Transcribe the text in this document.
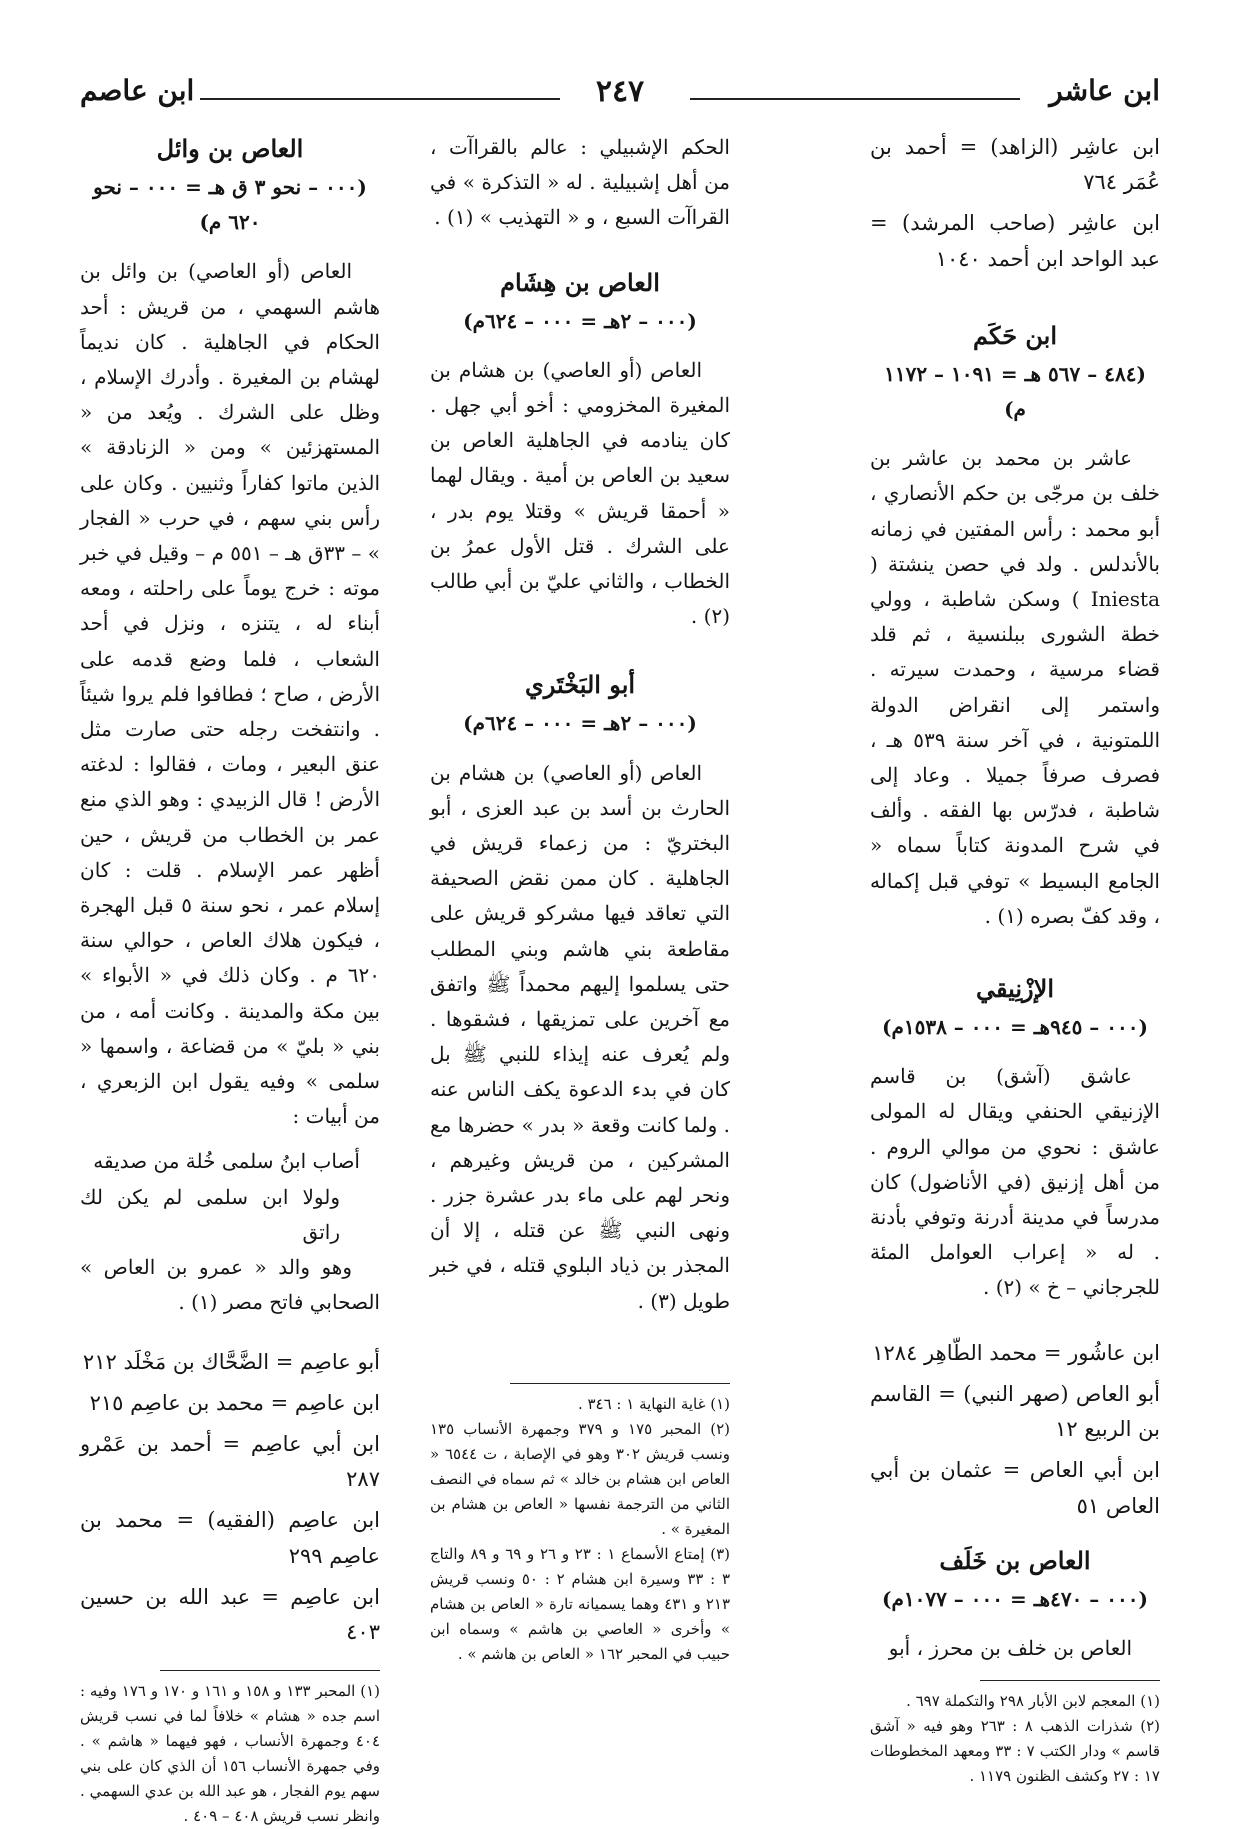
ابن عاشر
٢٤٧
ابن عاصم

ابن عاشِر (الزاهد) = أحمد بن عُمَر ٧٦٤

ابن عاشِر (صاحب المرشد) = عبد الواحد ابن أحمد ١٠٤٠

ابن حَكَم
(٤٨٤ – ٥٦٧ هـ = ١٠٩١ – ١١٧٢ م)

عاشر بن محمد بن عاشر بن خلف بن مرجّى بن حكم الأنصاري ، أبو محمد : رأس المفتين في زمانه بالأندلس . ولد في حصن ينشتة ( Iniesta ) وسكن شاطبة ، وولي خطة الشورى ببلنسية ، ثم قلد قضاء مرسية ، وحمدت سيرته . واستمر إلى انقراض الدولة اللمتونية ، في آخر سنة ٥٣٩ هـ ، فصرف صرفاً جميلا . وعاد إلى شاطبة ، فدرّس بها الفقه . وألف في شرح المدونة كتاباً سماه « الجامع البسيط » توفي قبل إكماله ، وقد كفّ بصره (١) .

الإزْنِيقي
(٠٠٠ – ٩٤٥هـ = ٠٠٠ – ١٥٣٨م)

عاشق (آشق) بن قاسم الإزنيقي الحنفي ويقال له المولى عاشق : نحوي من موالي الروم . من أهل إزنيق (في الأناضول) كان مدرساً في مدينة أدرنة وتوفي بأدنة . له « إعراب العوامل المئة للجرجاني – خ » (٢) .

ابن عاشُور = محمد الطّاهِر ١٢٨٤

أبو العاص (صهر النبي) = القاسم بن الربيع ١٢

ابن أبي العاص = عثمان بن أبي العاص ٥١

العاص بن خَلَف
(٠٠٠ – ٤٧٠هـ = ٠٠٠ – ١٠٧٧م)

العاص بن خلف بن محرز ، أبو

(١) المعجم لابن الأبار ٢٩٨ والتكملة ٦٩٧ .

(٢) شذرات الذهب ٨ : ٢٦٣ وهو فيه « آشق قاسم » ودار الكتب ٧ : ٣٣ ومعهد المخطوطات ١٧ : ٢٧ وكشف الظنون ١١٧٩ .

الحكم الإشبيلي : عالم بالقراآت ، من أهل إشبيلية . له « التذكرة » في القراآت السبع ، و « التهذيب » (١) .

العاص بن هِشَام
(٠٠٠ – ٢هـ = ٠٠٠ – ٦٢٤م)

العاص (أو العاصي) بن هشام بن المغيرة المخزومي : أخو أبي جهل . كان ينادمه في الجاهلية العاص بن سعيد بن العاص بن أمية . ويقال لهما « أحمقا قريش » وقتلا يوم بدر ، على الشرك . قتل الأول عمرُ بن الخطاب ، والثاني عليّ بن أبي طالب (٢) .

أبو البَخْتَري
(٠٠٠ – ٢هـ = ٠٠٠ – ٦٢٤م)

العاص (أو العاصي) بن هشام بن الحارث بن أسد بن عبد العزى ، أبو البختريّ : من زعماء قريش في الجاهلية . كان ممن نقض الصحيفة التي تعاقد فيها مشركو قريش على مقاطعة بني هاشم وبني المطلب حتى يسلموا إليهم محمداً ﷺ واتفق مع آخرين على تمزيقها ، فشقوها . ولم يُعرف عنه إيذاء للنبي ﷺ بل كان في بدء الدعوة يكف الناس عنه . ولما كانت وقعة « بدر » حضرها مع المشركين ، من قريش وغيرهم ، ونحر لهم على ماء بدر عشرة جزر . ونهى النبي ﷺ عن قتله ، إلا أن المجذر بن ذياد البلوي قتله ، في خبر طويل (٣) .

(١) غاية النهاية ١ : ٣٤٦ .

(٢) المحبر ١٧٥ و ٣٧٩ وجمهرة الأنساب ١٣٥ ونسب قريش ٣٠٢ وهو في الإصابة ، ت ٦٥٤٤ « العاص ابن هشام بن خالد » ثم سماه في النصف الثاني من الترجمة نفسها « العاص بن هشام بن المغيرة » .

(٣) إمتاع الأسماع ١ : ٢٣ و ٢٦ و ٦٩ و ٨٩ والتاج ٣ : ٣٣ وسيرة ابن هشام ٢ : ٥٠ ونسب قريش ٢١٣ و ٤٣١ وهما يسميانه تارة « العاص بن هشام » وأخرى « العاصي بن هاشم » وسماه ابن حبيب في المحبر ١٦٢ « العاص بن هاشم » .

العاص بن وائل
(٠٠٠ – نحو ٣ ق هـ = ٠٠٠ – نحو ٦٢٠ م)

العاص (أو العاصي) بن وائل بن هاشم السهمي ، من قريش : أحد الحكام في الجاهلية . كان نديماً لهشام بن المغيرة . وأدرك الإسلام ، وظل على الشرك . ويُعد من « المستهزئين » ومن « الزنادقة » الذين ماتوا كفاراً وثنيين . وكان على رأس بني سهم ، في حرب « الفجار » – ٣٣ق هـ – ٥٥١ م – وقيل في خبر موته : خرج يوماً على راحلته ، ومعه أبناء له ، يتنزه ، ونزل في أحد الشعاب ، فلما وضع قدمه على الأرض ، صاح ؛ فطافوا فلم يروا شيئاً . وانتفخت رجله حتى صارت مثل عنق البعير ، ومات ، فقالوا : لدغته الأرض ! قال الزبيدي : وهو الذي منع عمر بن الخطاب من قريش ، حين أظهر عمر الإسلام . قلت : كان إسلام عمر ، نحو سنة ٥ قبل الهجرة ، فيكون هلاك العاص ، حوالي سنة ٦٢٠ م . وكان ذلك في « الأبواء » بين مكة والمدينة . وكانت أمه ، من بني « بليّ » من قضاعة ، واسمها « سلمى » وفيه يقول ابن الزبعري ، من أبيات :

أصاب ابنُ سلمى خُلة من صديقه

ولولا ابن سلمى لم يكن لك راتق

وهو والد « عمرو بن العاص » الصحابي فاتح مصر (١) .

أبو عاصِم = الضَّحَّاك بن مَخْلَد ٢١٢

ابن عاصِم = محمد بن عاصِم ٢١٥

ابن أبي عاصِم = أحمد بن عَمْرو ٢٨٧

ابن عاصِم (الفقيه) = محمد بن عاصِم ٢٩٩

ابن عاصِم = عبد الله بن حسين ٤٠٣

(١) المحبر ١٣٣ و ١٥٨ و ١٦١ و ١٧٠ و ١٧٦ وفيه : اسم جده « هشام » خلافاً لما في نسب قريش ٤٠٤ وجمهرة الأنساب ، فهو فيهما « هاشم » . وفي جمهرة الأنساب ١٥٦ أن الذي كان على بني سهم يوم الفجار ، هو عبد الله بن عدي السهمي . وانظر نسب قريش ٤٠٨ – ٤٠٩ .
